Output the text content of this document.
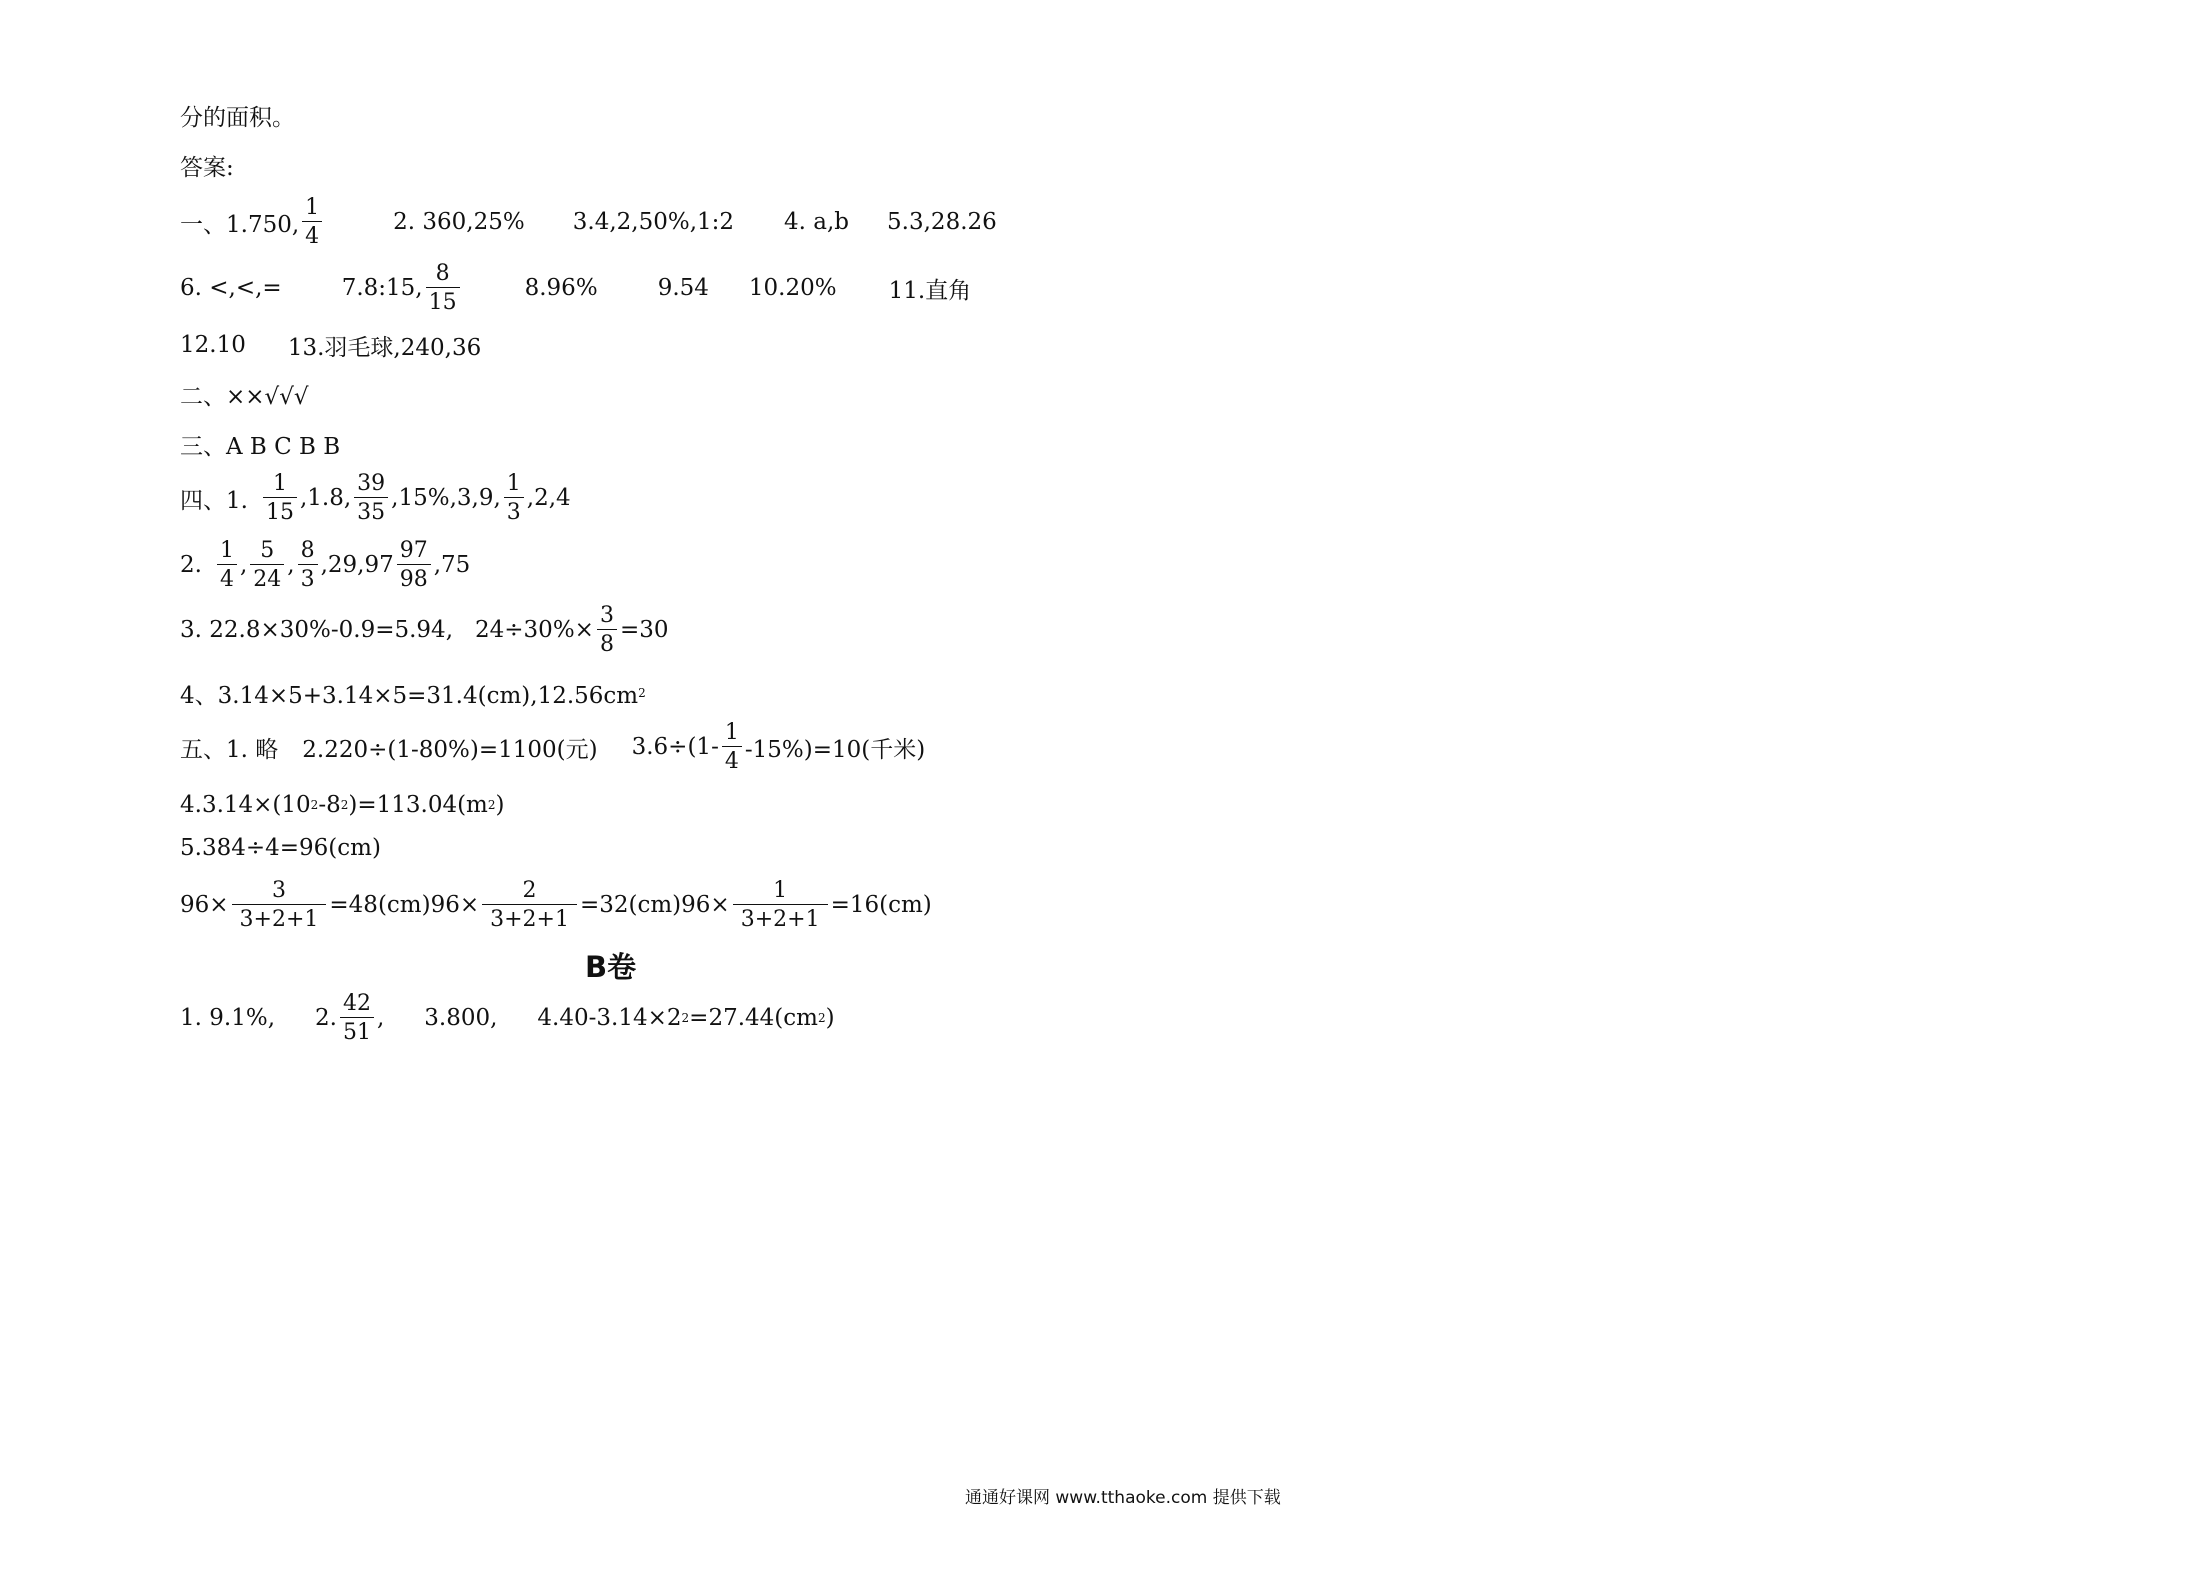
分的面积。
答案:
一、1.750, $\frac{1}{4}$	2. 360,25% 3.4,2,50%,1:2 4. a,b 5.3,28.26
6. <,<,=	7.8:15, $\frac{8}{15}$	8.96%	9.54 10.20% 11.直角
12.10 13.羽毛球,240,36
二、××√√√
三、A B C B B
四、1. $\frac{1}{15} ,1.8$, $\frac{39}{35} ,15\%,3,9$, $\frac{1}{3} ,2,4$
2. $\frac{1}{4}$ , $\frac{5}{24}$ , $\frac{8}{3} ,29,97 \frac{97}{98} ,75$
3. 22.8×30%-0.9=5.94, $24\div 30\%\times \frac{3}{8} =30$
4、3.14×5+3.14×5=31.4(cm),12.56cm 2
五、1. 略 2.220÷(1-80%)=1100(元) $3.6\div(1- \frac{1}{4} -15\%)=10$(千米)
4.3.14×(10 2 -8 2 )=113.04(m 2 )
5.384÷4=96(cm)
$96\times \frac{3}{3+2+1} =48(cm)96\times \frac{2}{3+2+1} =32(cm)96\times \frac{1}{3+2+1} =16(cm)$
B卷
1. 9.1%, 2. $\frac{42}{51}$ , 3.800, 4.40-3.14×2 2 =27.44(cm 2 )
通通好课网 www.tthaoke.com 提供下载
